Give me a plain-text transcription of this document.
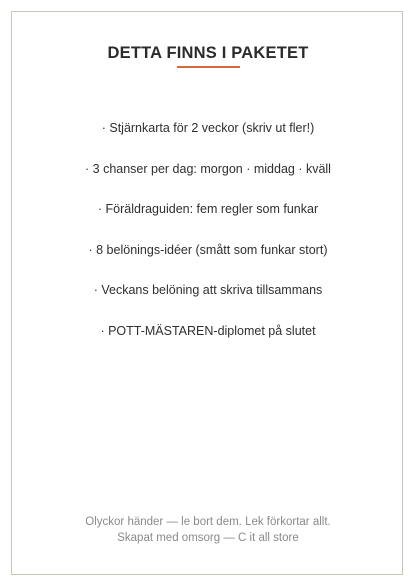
DETTA FINNS I PAKETET
· Stjärnkarta för 2 veckor (skriv ut fler!)
· 3 chanser per dag: morgon · middag · kväll
· Föräldraguiden: fem regler som funkar
· 8 belönings-idéer (smått som funkar stort)
· Veckans belöning att skriva tillsammans
· POTT-MÄSTAREN-diplomet på slutet
Olyckor händer — le bort dem. Lek förkortar allt.
Skapat med omsorg — C it all store
